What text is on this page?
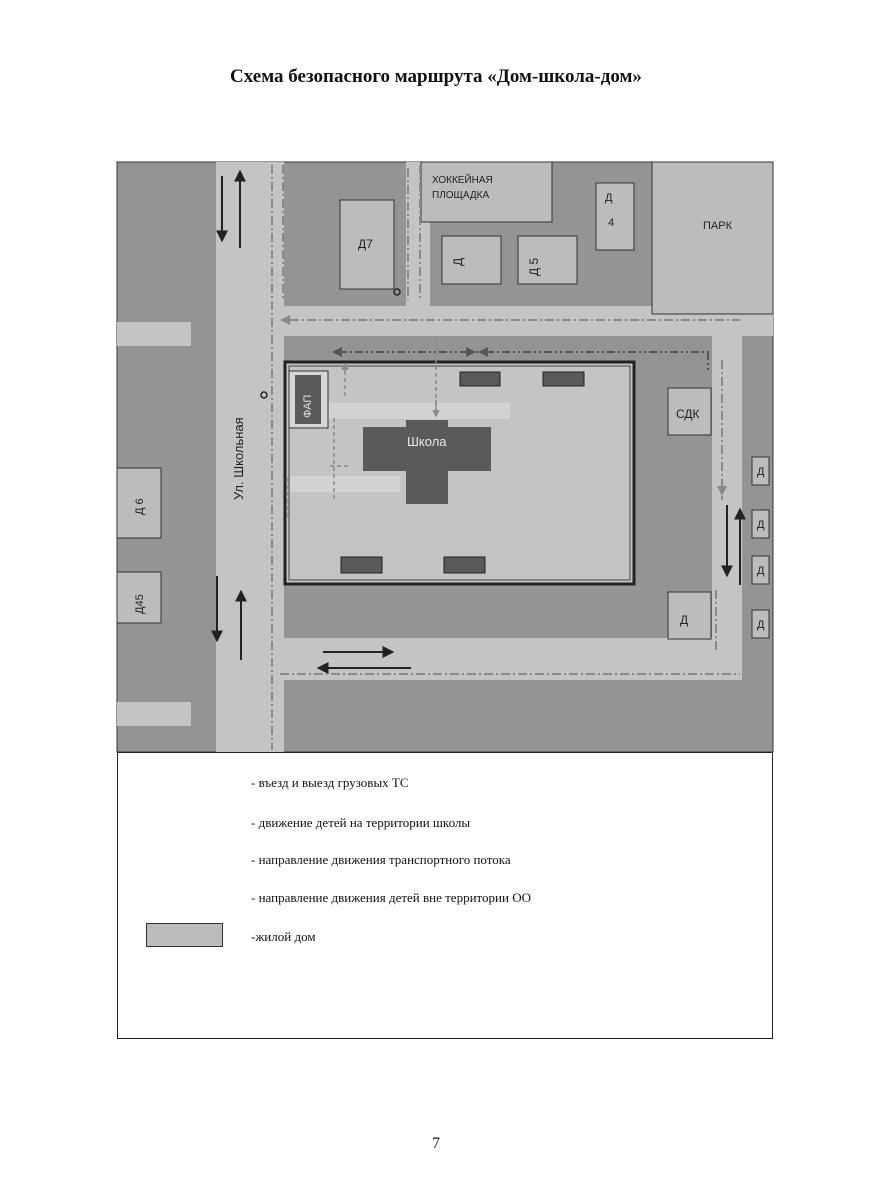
Схема безопасного маршрута «Дом-школа-дом»
ХОККЕЙНАЯ
ПЛОЩАДКА
Д7
Д	Д 5
Д
4	ПАРК
ФАП
Школа
СДК
Д
Д
Д
Д
Д
Д 6
Д45
Ул. Школьная
- въезд и выезд грузовых ТС
- движение детей на территории школы
- направление движения транспортного потока
- направление движения детей вне территории ОО
-жилой дом
7
